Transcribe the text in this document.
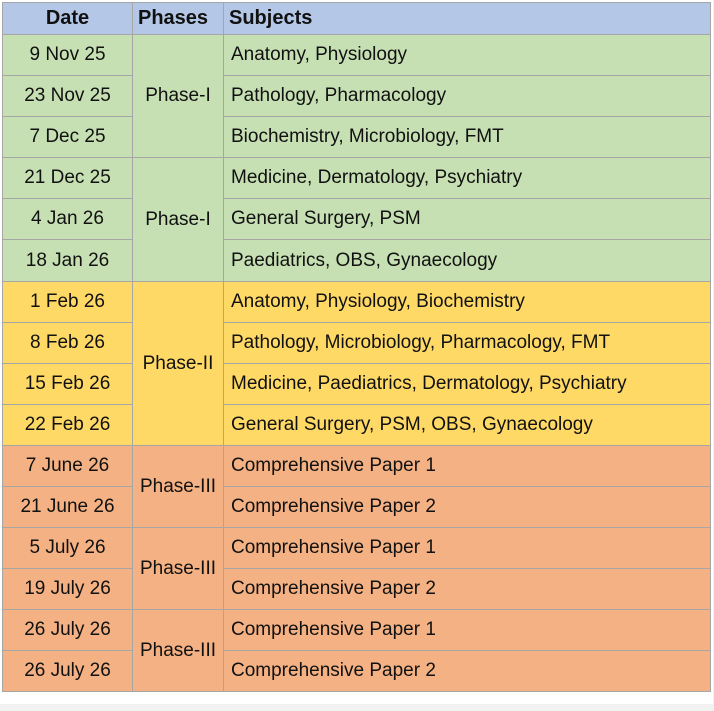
Date	Phases	Subjects
9 Nov 25	Phase-I	Anatomy, Physiology
23 Nov 25		Pathology, Pharmacology
7 Dec 25		Biochemistry, Microbiology, FMT
21 Dec 25	Phase-I	Medicine, Dermatology, Psychiatry
4 Jan 26		General Surgery, PSM
18 Jan 26		Paediatrics, OBS, Gynaecology
1 Feb 26	Phase-II	Anatomy, Physiology, Biochemistry
8 Feb 26		Pathology, Microbiology, Pharmacology, FMT
15 Feb 26		Medicine, Paediatrics, Dermatology, Psychiatry
22 Feb 26		General Surgery, PSM, OBS, Gynaecology
7 June 26	Phase-III	Comprehensive Paper 1
21 June 26		Comprehensive Paper 2
5 July 26	Phase-III	Comprehensive Paper 1
19 July 26		Comprehensive Paper 2
26 July 26	Phase-III	Comprehensive Paper 1
26 July 26		Comprehensive Paper 2
